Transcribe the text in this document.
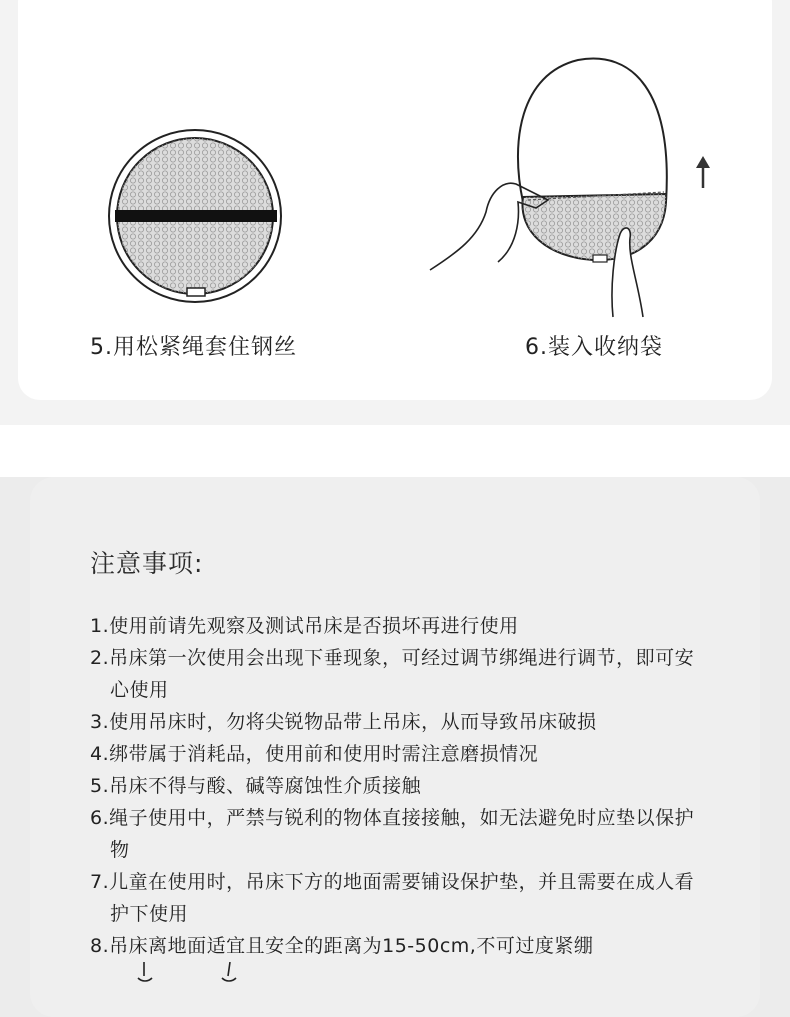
5.用松紧绳套住钢丝	6.装入收纳袋
注意事项:
1.使用前请先观察及测试吊床是否损坏再进行使用
2.吊床第一次使用会出现下垂现象，可经过调节绑绳进行调节，即可安心使用
3.使用吊床时，勿将尖锐物品带上吊床，从而导致吊床破损
4.绑带属于消耗品，使用前和使用时需注意磨损情况
5.吊床不得与酸、碱等腐蚀性介质接触
6.绳子使用中，严禁与锐利的物体直接接触，如无法避免时应垫以保护物
7.儿童在使用时，吊床下方的地面需要铺设保护垫，并且需要在成人看护下使用
8.吊床离地面适宜且安全的距离为15-50cm,不可过度紧绷
